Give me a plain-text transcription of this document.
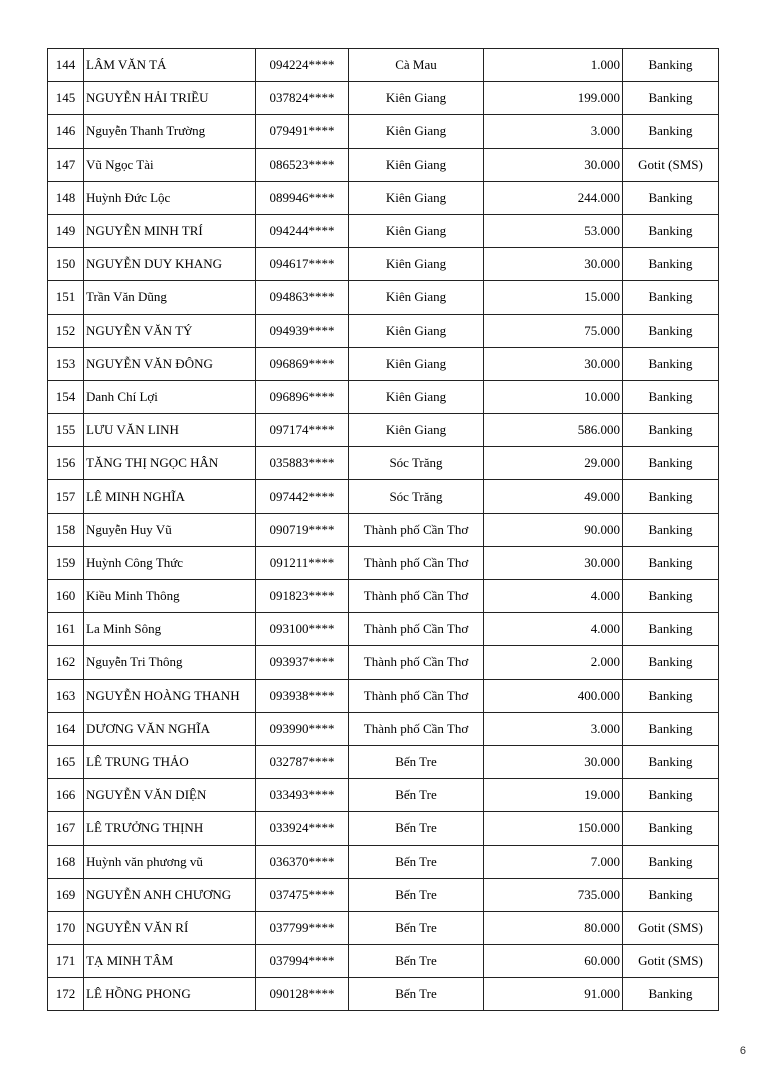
144	LÂM VĂN TÁ	094224****	Cà Mau	1.000	Banking
145	NGUYỄN HẢI TRIỀU	037824****	Kiên Giang	199.000	Banking
146	Nguyễn Thanh Trường	079491****	Kiên Giang	3.000	Banking
147	Vũ Ngọc Tài	086523****	Kiên Giang	30.000	Gotit (SMS)
148	Huỳnh Đức Lộc	089946****	Kiên Giang	244.000	Banking
149	NGUYỄN MINH TRÍ	094244****	Kiên Giang	53.000	Banking
150	NGUYỄN DUY KHANG	094617****	Kiên Giang	30.000	Banking
151	Trần Văn Dũng	094863****	Kiên Giang	15.000	Banking
152	NGUYỄN VĂN TÝ	094939****	Kiên Giang	75.000	Banking
153	NGUYỄN VĂN ĐÔNG	096869****	Kiên Giang	30.000	Banking
154	Danh Chí Lợi	096896****	Kiên Giang	10.000	Banking
155	LƯU VĂN LINH	097174****	Kiên Giang	586.000	Banking
156	TĂNG THỊ NGỌC HÂN	035883****	Sóc Trăng	29.000	Banking
157	LÊ MINH NGHĨA	097442****	Sóc Trăng	49.000	Banking
158	Nguyễn Huy Vũ	090719****	Thành phố Cần Thơ	90.000	Banking
159	Huỳnh Công Thức	091211****	Thành phố Cần Thơ	30.000	Banking
160	Kiều Minh Thông	091823****	Thành phố Cần Thơ	4.000	Banking
161	La Minh Sông	093100****	Thành phố Cần Thơ	4.000	Banking
162	Nguyễn Tri Thông	093937****	Thành phố Cần Thơ	2.000	Banking
163	NGUYỄN HOÀNG THANH	093938****	Thành phố Cần Thơ	400.000	Banking
164	DƯƠNG VĂN NGHĨA	093990****	Thành phố Cần Thơ	3.000	Banking
165	LÊ TRUNG THẢO	032787****	Bến Tre	30.000	Banking
166	NGUYỄN VĂN DIỆN	033493****	Bến Tre	19.000	Banking
167	LÊ TRƯỞNG THỊNH	033924****	Bến Tre	150.000	Banking
168	Huỳnh văn phương vũ	036370****	Bến Tre	7.000	Banking
169	NGUYỄN ANH CHƯƠNG	037475****	Bến Tre	735.000	Banking
170	NGUYỄN VĂN RÍ	037799****	Bến Tre	80.000	Gotit (SMS)
171	TẠ MINH TÂM	037994****	Bến Tre	60.000	Gotit (SMS)
172	LÊ HỒNG PHONG	090128****	Bến Tre	91.000	Banking
6
